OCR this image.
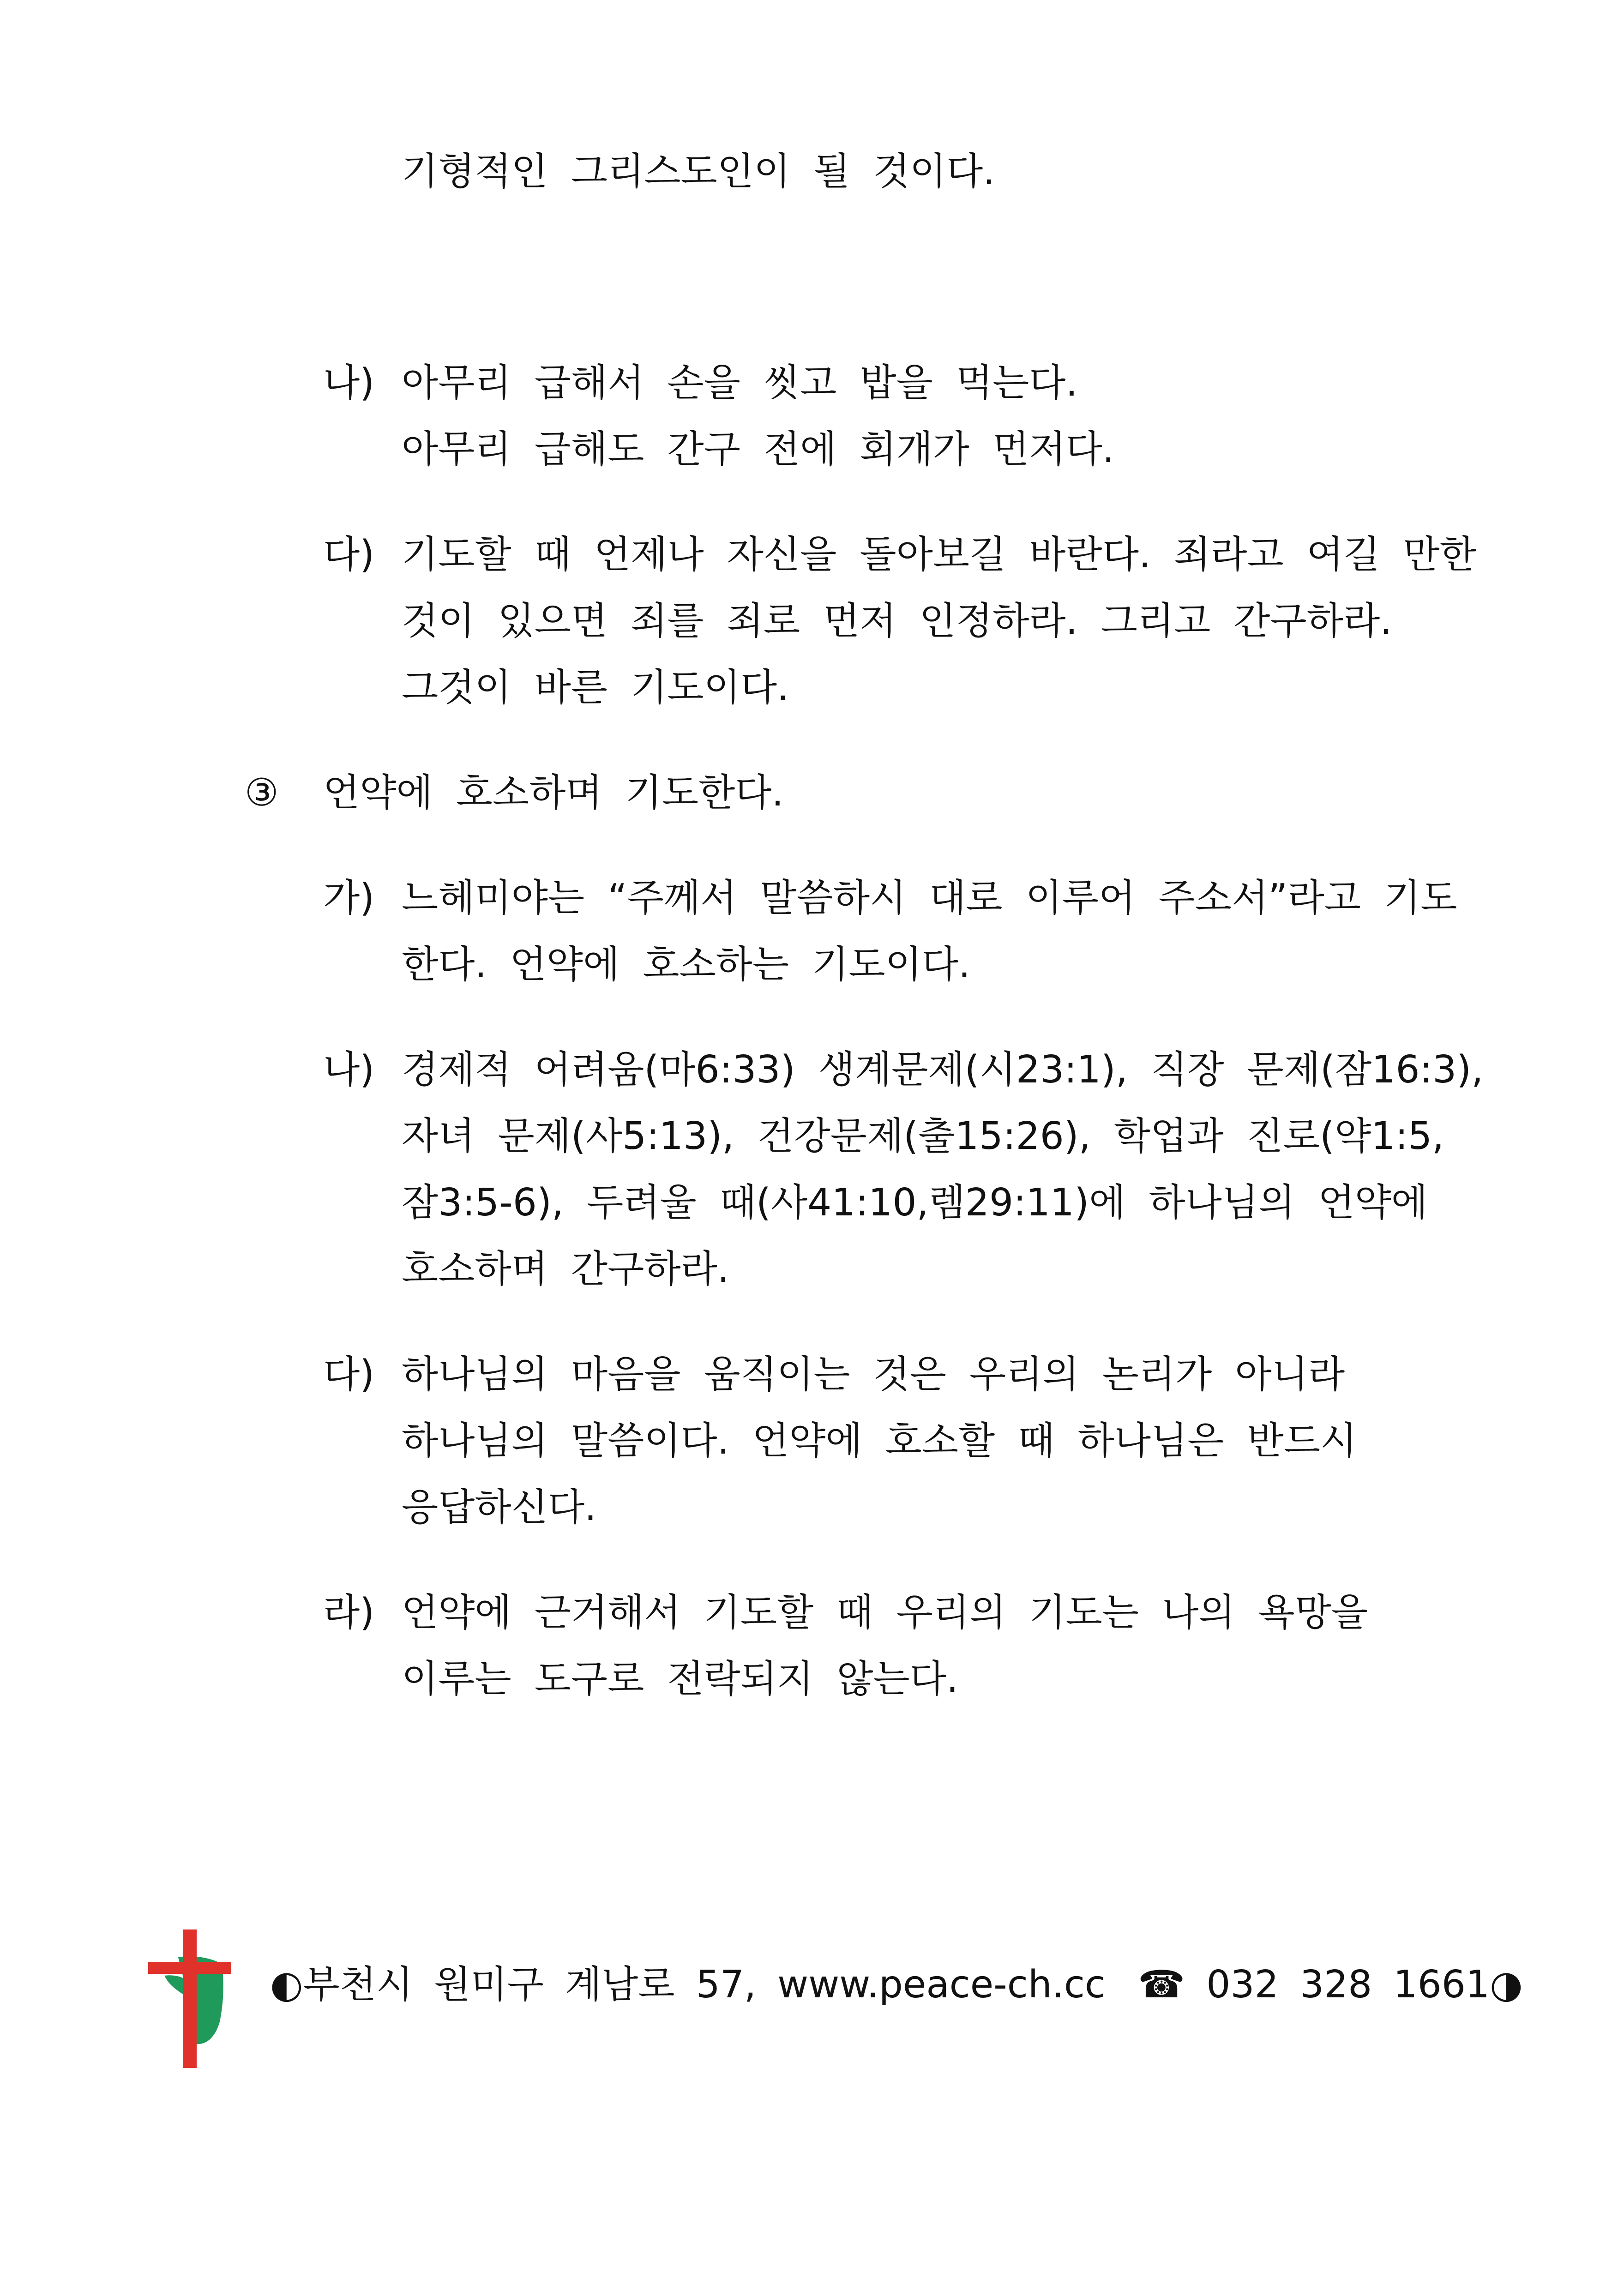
기형적인 그리스도인이 될 것이다.
나) 아무리 급해서 손을 씻고 밥을 먹는다.
아무리 급해도 간구 전에 회개가 먼저다.
다) 기도할 때 언제나 자신을 돌아보길 바란다. 죄라고 여길 만한
것이 있으면 죄를 죄로 먼저 인정하라. 그리고 간구하라.
그것이 바른 기도이다.
③ 언약에 호소하며 기도한다.
가) 느헤미야는 “주께서 말씀하시 대로 이루어 주소서”라고 기도
한다. 언약에 호소하는 기도이다.
나) 경제적 어려움(마6:33) 생계문제(시23:1), 직장 문제(잠16:3),
자녀 문제(사5:13), 건강문제(출15:26), 학업과 진로(약1:5,
잠3:5-6), 두려울 때(사41:10,렘29:11)에 하나님의 언약에
호소하며 간구하라.
다) 하나님의 마음을 움직이는 것은 우리의 논리가 아니라
하나님의 말씀이다. 언약에 호소할 때 하나님은 반드시
응답하신다.
라) 언약에 근거해서 기도할 때 우리의 기도는 나의 욕망을
이루는 도구로 전락되지 않는다.
◐부천시 원미구 계남로 57, www.peace-ch.cc ☎ 032 328 1661◑
